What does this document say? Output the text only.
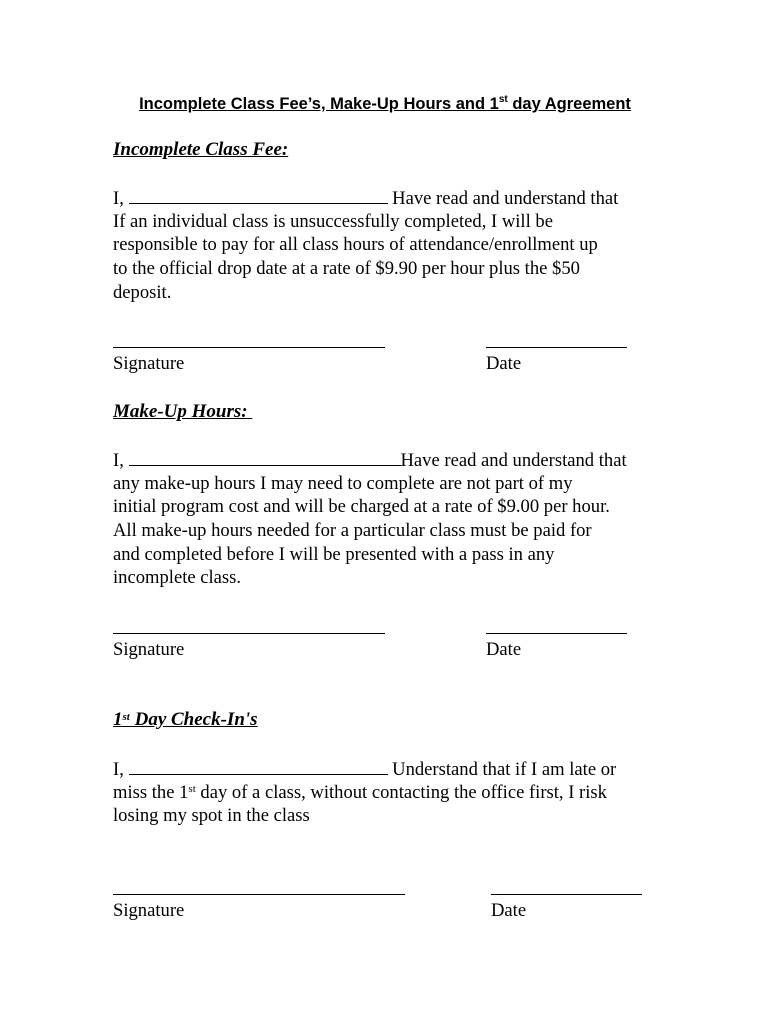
Incomplete Class Fee’s, Make-Up Hours and 1st day Agreement
Incomplete Class Fee:
I,	Have read and understand that
If an individual class is unsuccessfully completed, I will be
responsible to pay for all class hours of attendance/enrollment up
to the official drop date at a rate of $9.90 per hour plus the $50
deposit.
Signature	Date
Make-Up Hours:
I,	Have read and understand that
any make-up hours I may need to complete are not part of my
initial program cost and will be charged at a rate of $9.00 per hour.
All make-up hours needed for a particular class must be paid for
and completed before I will be presented with a pass in any
incomplete class.
Signature	Date
1st Day Check-In's
I,	Understand that if I am late or
miss the 1st day of a class, without contacting the office first, I risk
losing my spot in the class
Signature	Date
